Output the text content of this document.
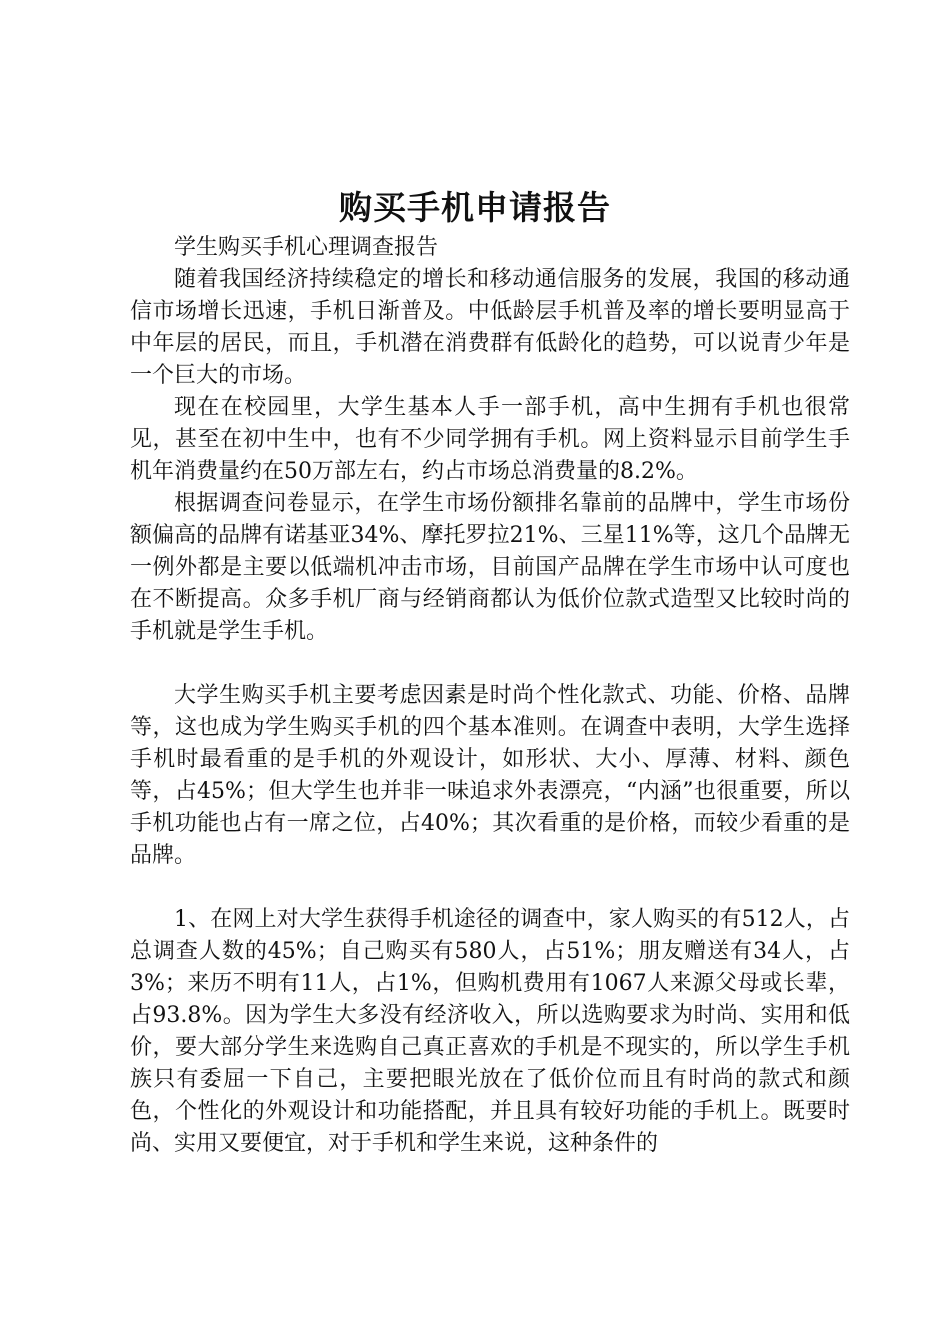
购买手机申请报告

学生购买手机心理调查报告

随着我国经济持续稳定的增长和移动通信服务的发展，我国的移动通信市场增长迅速，手机日渐普及。中低龄层手机普及率的增长要明显高于中年层的居民，而且，手机潜在消费群有低龄化的趋势，可以说青少年是一个巨大的市场。

现在在校园里，大学生基本人手一部手机，高中生拥有手机也很常见，甚至在初中生中，也有不少同学拥有手机。网上资料显示目前学生手机年消费量约在50万部左右，约占市场总消费量的8.2%。

根据调查问卷显示，在学生市场份额排名靠前的品牌中，学生市场份额偏高的品牌有诺基亚34%、摩托罗拉21%、三星11%等，这几个品牌无一例外都是主要以低端机冲击市场，目前国产品牌在学生市场中认可度也在不断提高。众多手机厂商与经销商都认为低价位款式造型又比较时尚的手机就是学生手机。

大学生购买手机主要考虑因素是时尚个性化款式、功能、价格、品牌等，这也成为学生购买手机的四个基本准则。在调查中表明，大学生选择手机时最看重的是手机的外观设计，如形状、大小、厚薄、材料、颜色等，占45%；但大学生也并非一味追求外表漂亮，“内涵”也很重要，所以手机功能也占有一席之位，占40%；其次看重的是价格，而较少看重的是品牌。

1、在网上对大学生获得手机途径的调查中，家人购买的有512人，占总调查人数的45%；自己购买有580人，占51%；朋友赠送有34人，占3%；来历不明有11人，占1%，但购机费用有1067人来源父母或长辈，占93.8%。因为学生大多没有经济收入，所以选购要求为时尚、实用和低价，要大部分学生来选购自己真正喜欢的手机是不现实的，所以学生手机族只有委屈一下自己，主要把眼光放在了低价位而且有时尚的款式和颜色，个性化的外观设计和功能搭配，并且具有较好功能的手机上。既要时尚、实用又要便宜，对于手机和学生来说，这种条件的
